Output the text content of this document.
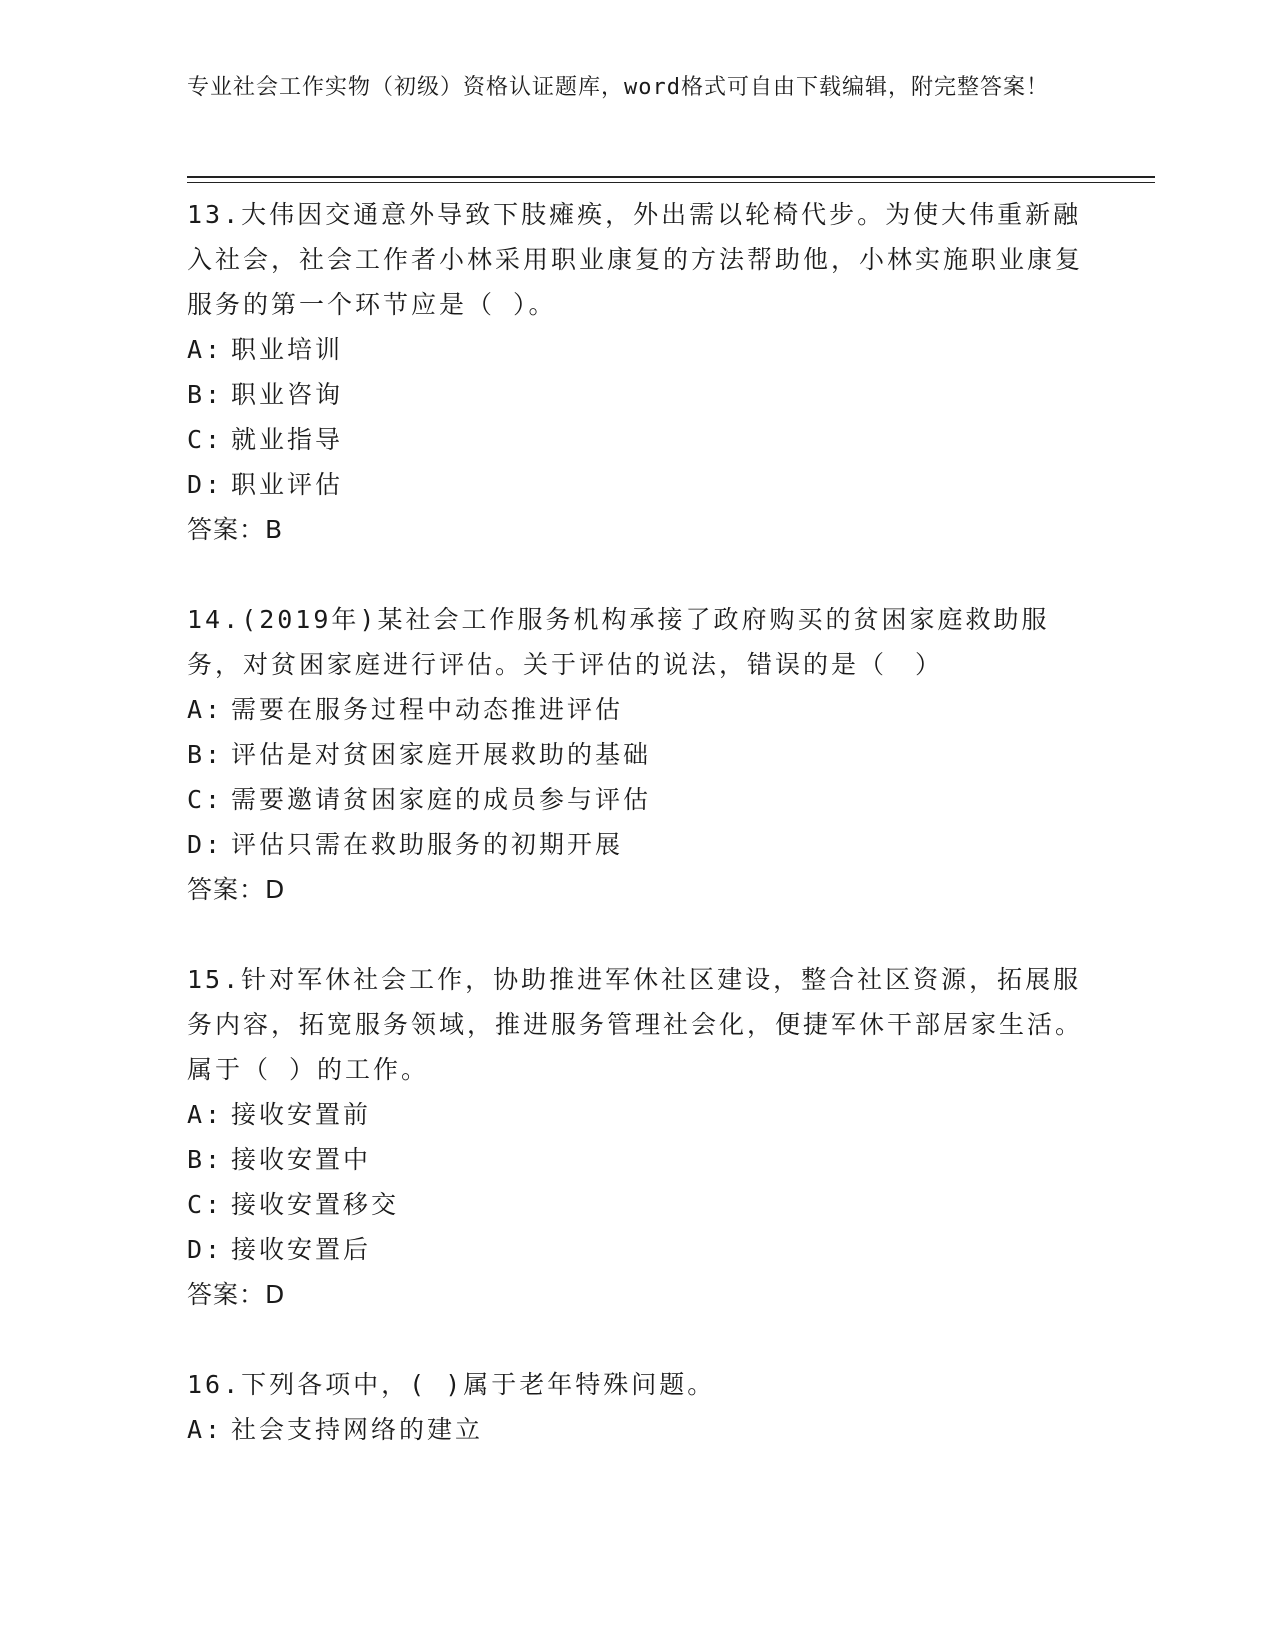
专业社会工作实物（初级）资格认证题库，word格式可自由下载编辑，附完整答案！

13.大伟因交通意外导致下肢瘫痪，外出需以轮椅代步。为使大伟重新融入社会，社会工作者小林采用职业康复的方法帮助他，小林实施职业康复服务的第一个环节应是（ ）。

A: 职业培训

B: 职业咨询

C: 就业指导

D: 职业评估

答案：B

14.(2019年)某社会工作服务机构承接了政府购买的贫困家庭救助服务，对贫困家庭进行评估。关于评估的说法，错误的是（　）

A: 需要在服务过程中动态推进评估

B: 评估是对贫困家庭开展救助的基础

C: 需要邀请贫困家庭的成员参与评估

D: 评估只需在救助服务的初期开展

答案：D

15.针对军休社会工作，协助推进军休社区建设，整合社区资源，拓展服务内容，拓宽服务领域，推进服务管理社会化，便捷军休干部居家生活。属于（ ）的工作。

A: 接收安置前

B: 接收安置中

C: 接收安置移交

D: 接收安置后

答案：D

16.下列各项中，( )属于老年特殊问题。

A: 社会支持网络的建立
